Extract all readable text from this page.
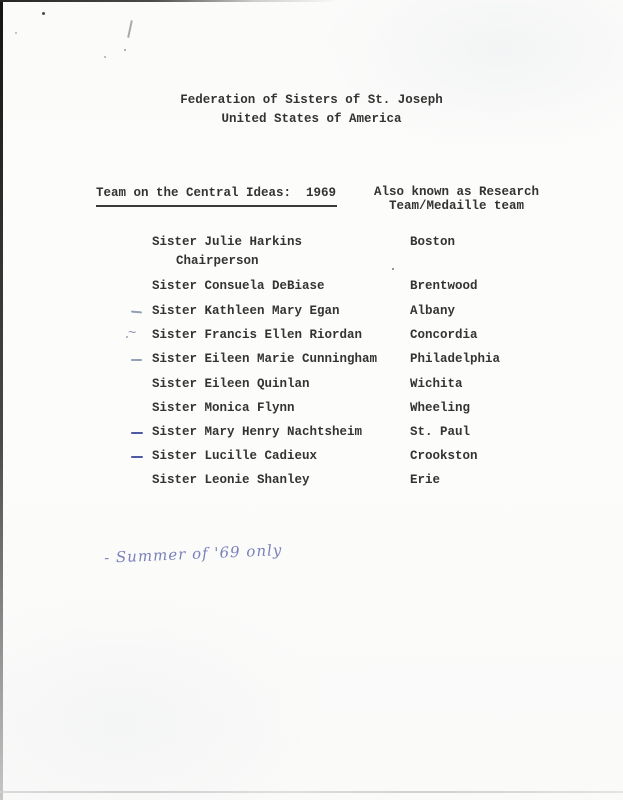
Federation of Sisters of St. Joseph
United States of America
Team on the Central Ideas:  1969	Also known as Research
Team/Medaille team
Sister Julie Harkins	Boston
Chairperson
Sister Consuela DeBiase	Brentwood
Sister Kathleen Mary Egan	Albany
~ Sister Francis Ellen Riordan	Concordia
Sister Eileen Marie Cunningham	Philadelphia
Sister Eileen Quinlan	Wichita
Sister Monica Flynn	Wheeling
Sister Mary Henry Nachtsheim	St. Paul
Sister Lucille Cadieux	Crookston
Sister Leonie Shanley	Erie
- Summer of '69 only
